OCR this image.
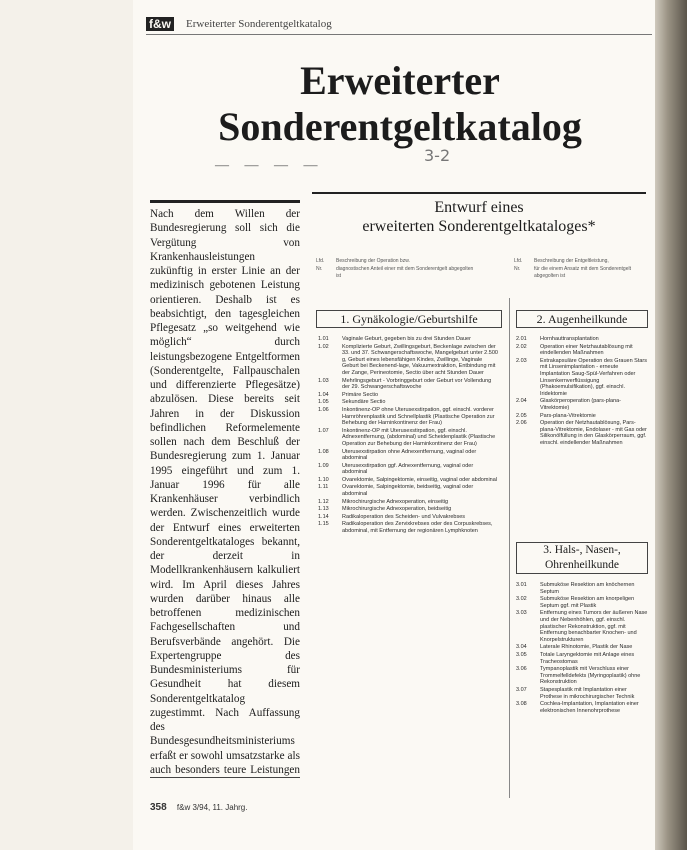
f&w Erweiterter Sonderentgeltkatalog
Erweiterter
Sonderentgeltkatalog
— — — —
3-2
Nach dem Willen der Bundesregierung soll sich die Vergütung von Krankenhausleistungen zukünftig in erster Linie an der medizinisch gebotenen Leistung orientieren. Deshalb ist es beabsichtigt, den tagesgleichen Pflegesatz „so weitgehend wie möglich“ durch leistungsbezogene Entgeltformen (Sonderentgelte, Fallpauschalen und differenzierte Pflegesätze) abzulösen. Diese bereits seit Jahren in der Diskussion befindlichen Reformelemente sollen nach dem Beschluß der Bundesregierung zum 1. Januar 1995 eingeführt und zum 1. Januar 1996 für alle Krankenhäuser verbindlich werden. Zwischenzeitlich wurde der Entwurf eines erweiterten Sonderentgeltkataloges bekannt, der derzeit in Modellkrankenhäusern kalkuliert wird. Im April dieses Jahres wurden darüber hinaus alle betroffenen medizinischen Fachgesellschaften und Berufsverbände angehört. Die Expertengruppe des Bundesministeriums für Gesundheit hat diesem Sonderentgeltkatalog zugestimmt. Nach Auffassung des Bundesgesundheitsministeriums erfaßt er sowohl umsatzstarke als auch besonders teure Leistungen
Entwurf eines
erweiterten Sonderentgeltkataloges*
Lfd.	Beschreibung der Operation bzw.
Nr.	diagnostischen Anteil einer mit dem Sonderentgelt abgegolten ist
Lfd.	Beschreibung der Entgeltleistung,
Nr.	für die einem Ansatz mit dem Sonderentgelt abgegolten ist
1. Gynäkologie/Geburtshilfe
1.01	Vaginale Geburt, gegeben bis zu drei Stunden Dauer
1.02	Komplizierte Geburt, Zwillingsgeburt, Beckenlage zwischen der 33. und 37. Schwangerschaftswoche, Mangelgeburt unter 2.500 g, Geburt eines lebensfähigen Kindes, Zwillinge, Vaginale Geburt bei Beckenend-lage, Vakuumextraktion, Entbindung mit der Zange, Perineotomie, Sectio über acht Stunden Dauer
1.03	Mehrlingsgeburt - Vorbringgeburt oder Geburt vor Vollendung der 29. Schwangerschaftswoche
1.04	Primäre Sectio
1.05	Sekundäre Sectio
1.06	Inkontinenz-OP ohne Uterusexstirpation, ggf. einschl. vorderer Harnröhrenplastik und Schnellplastik (Plastische Operation zur Behebung der Harninkontinenz der Frau)
1.07	Inkontinenz-OP mit Uterusexstirpation, ggf. einschl. Adnexentfernung, (abdominal) und Scheidenplastik (Plastische Operation zur Behebung der Harninkontinenz der Frau)
1.08	Uterusexstirpation ohne Adnexentfernung, vaginal oder abdominal
1.09	Uterusexstirpation ggf. Adnexentfernung, vaginal oder abdominal
1.10	Ovarektomie, Salpingektomie, einseitig, vaginal oder abdominal
1.11	Ovarektomie, Salpingektomie, beidseitig, vaginal oder abdominal
1.12	Mikrochirurgische Adnexoperation, einseitig
1.13	Mikrochirurgische Adnexoperation, beidseitig
1.14	Radikaloperation des Scheiden- und Vulvakrebses
1.15	Radikaloperation des Zervixkrebses oder des Corpuskrebses, abdominal, mit Entfernung der regionären Lymphknoten
2. Augenheilkunde
2.01	Hornhauttransplantation
2.02	Operation einer Netzhautablösung mit eindellenden Maßnahmen
2.03	Extrakapsuläre Operation des Grauen Stars mit Linsenimplantation - erneute Implantation Saug-Spül-Verfahren oder Linsenkernverflüssigung (Phakoemulsifikation), ggf. einschl. Iridektomie
2.04	Glaskörperoperation (pars-plana-Vitrektomie)
2.05	Pars-plana-Vitrektomie
2.06	Operation der Netzhautablösung, Pars-plana-Vitrektomie, Endolaser - mit Gas oder Silikonölfüllung in den Glaskörperraum, ggf. einschl. eindellender Maßnahmen
3. Hals-, Nasen-, Ohrenheilkunde
3.01	Submuköse Resektion am knöchernen Septum
3.02	Submuköse Resektion am knorpeligen Septum ggf. mit Plastik
3.03	Entfernung eines Tumors der äußeren Nase und der Nebenhöhlen, ggf. einschl. plastischer Rekonstruktion, ggf. mit Entfernung benachbarter Knochen- und Knorpelstrukturen
3.04	Laterale Rhinotomie, Plastik der Nase
3.05	Totale Laryngektomie mit Anlage eines Tracheostomas
3.06	Tympanoplastik mit Verschluss einer Trommelfelldefekts (Myringoplastik) ohne Rekonstruktion
3.07	Stapesplastik mit Implantation einer Prothese in mikrochirurgischer Technik
3.08	Cochlea-Implantation, Implantation einer elektronischen Innenohrprothese
358 f&w 3/94, 11. Jahrg.
